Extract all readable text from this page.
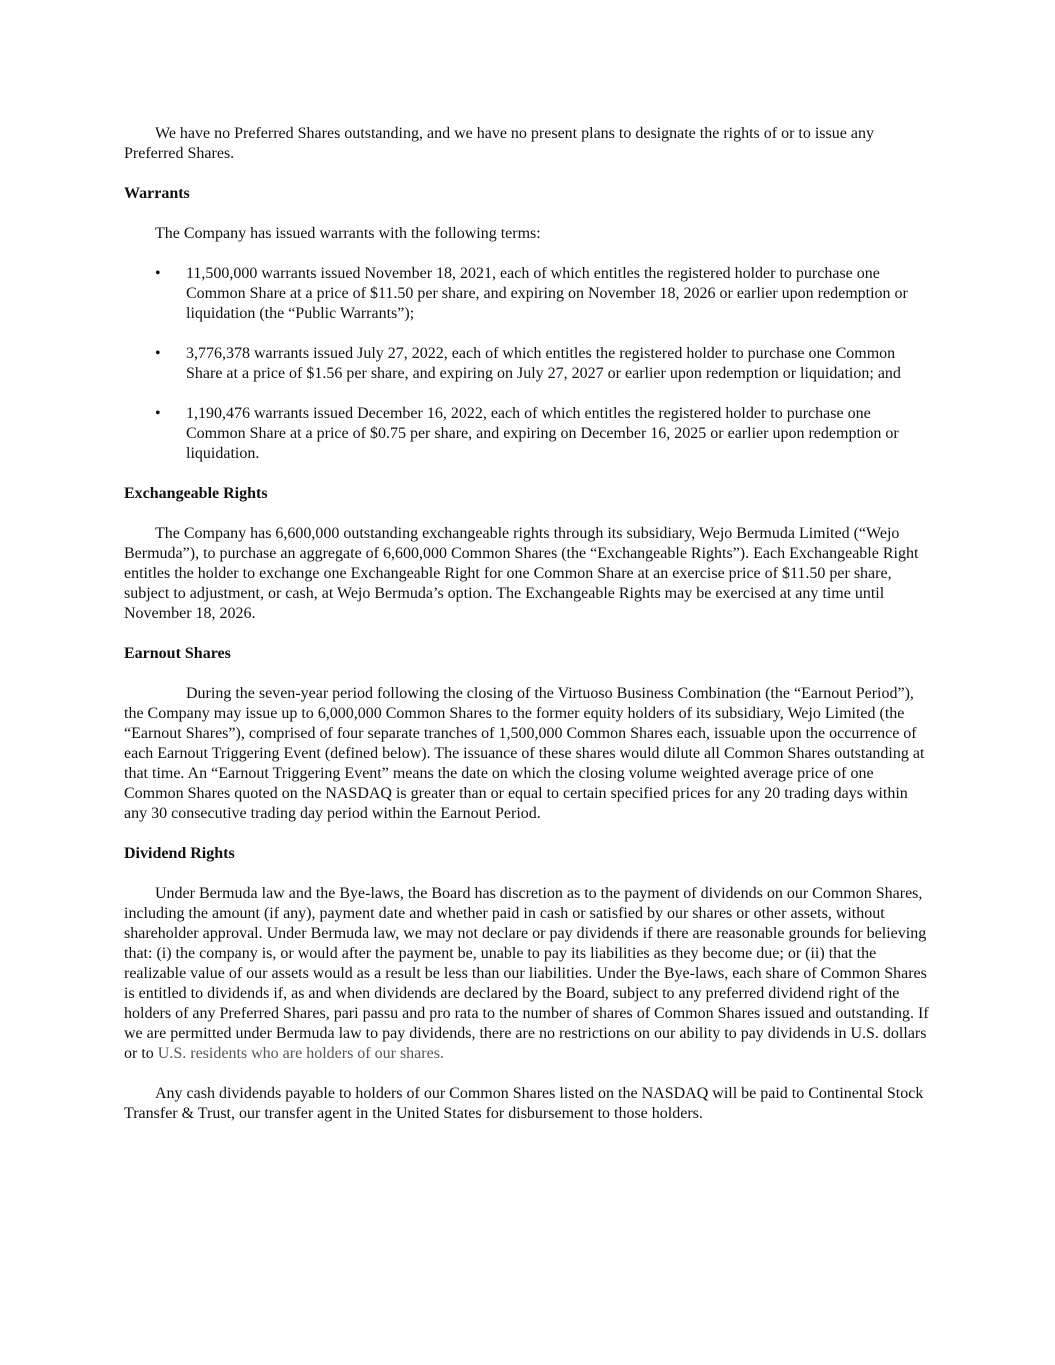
We have no Preferred Shares outstanding, and we have no present plans to designate the rights of or to issue any Preferred Shares.

Warrants

The Company has issued warrants with the following terms:

• 11,500,000 warrants issued November 18, 2021, each of which entitles the registered holder to purchase one Common Share at a price of $11.50 per share, and expiring on November 18, 2026 or earlier upon redemption or liquidation (the “Public Warrants”);
• 3,776,378 warrants issued July 27, 2022, each of which entitles the registered holder to purchase one Common Share at a price of $1.56 per share, and expiring on July 27, 2027 or earlier upon redemption or liquidation; and
• 1,190,476 warrants issued December 16, 2022, each of which entitles the registered holder to purchase one Common Share at a price of $0.75 per share, and expiring on December 16, 2025 or earlier upon redemption or liquidation.

Exchangeable Rights

The Company has 6,600,000 outstanding exchangeable rights through its subsidiary, Wejo Bermuda Limited (“Wejo Bermuda”), to purchase an aggregate of 6,600,000 Common Shares (the “Exchangeable Rights”). Each Exchangeable Right entitles the holder to exchange one Exchangeable Right for one Common Share at an exercise price of $11.50 per share, subject to adjustment, or cash, at Wejo Bermuda’s option. The Exchangeable Rights may be exercised at any time until November 18, 2026.

Earnout Shares

During the seven-year period following the closing of the Virtuoso Business Combination (the “Earnout Period”), the Company may issue up to 6,000,000 Common Shares to the former equity holders of its subsidiary, Wejo Limited (the “Earnout Shares”), comprised of four separate tranches of 1,500,000 Common Shares each, issuable upon the occurrence of each Earnout Triggering Event (defined below). The issuance of these shares would dilute all Common Shares outstanding at that time. An “Earnout Triggering Event” means the date on which the closing volume weighted average price of one Common Shares quoted on the NASDAQ is greater than or equal to certain specified prices for any 20 trading days within any 30 consecutive trading day period within the Earnout Period.

Dividend Rights

Under Bermuda law and the Bye-laws, the Board has discretion as to the payment of dividends on our Common Shares, including the amount (if any), payment date and whether paid in cash or satisfied by our shares or other assets, without shareholder approval. Under Bermuda law, we may not declare or pay dividends if there are reasonable grounds for believing that: (i) the company is, or would after the payment be, unable to pay its liabilities as they become due; or (ii) that the realizable value of our assets would as a result be less than our liabilities. Under the Bye-laws, each share of Common Shares is entitled to dividends if, as and when dividends are declared by the Board, subject to any preferred dividend right of the holders of any Preferred Shares, pari passu and pro rata to the number of shares of Common Shares issued and outstanding. If we are permitted under Bermuda law to pay dividends, there are no restrictions on our ability to pay dividends in U.S. dollars or to U.S. residents who are holders of our shares.

Any cash dividends payable to holders of our Common Shares listed on the NASDAQ will be paid to Continental Stock Transfer & Trust, our transfer agent in the United States for disbursement to those holders.
